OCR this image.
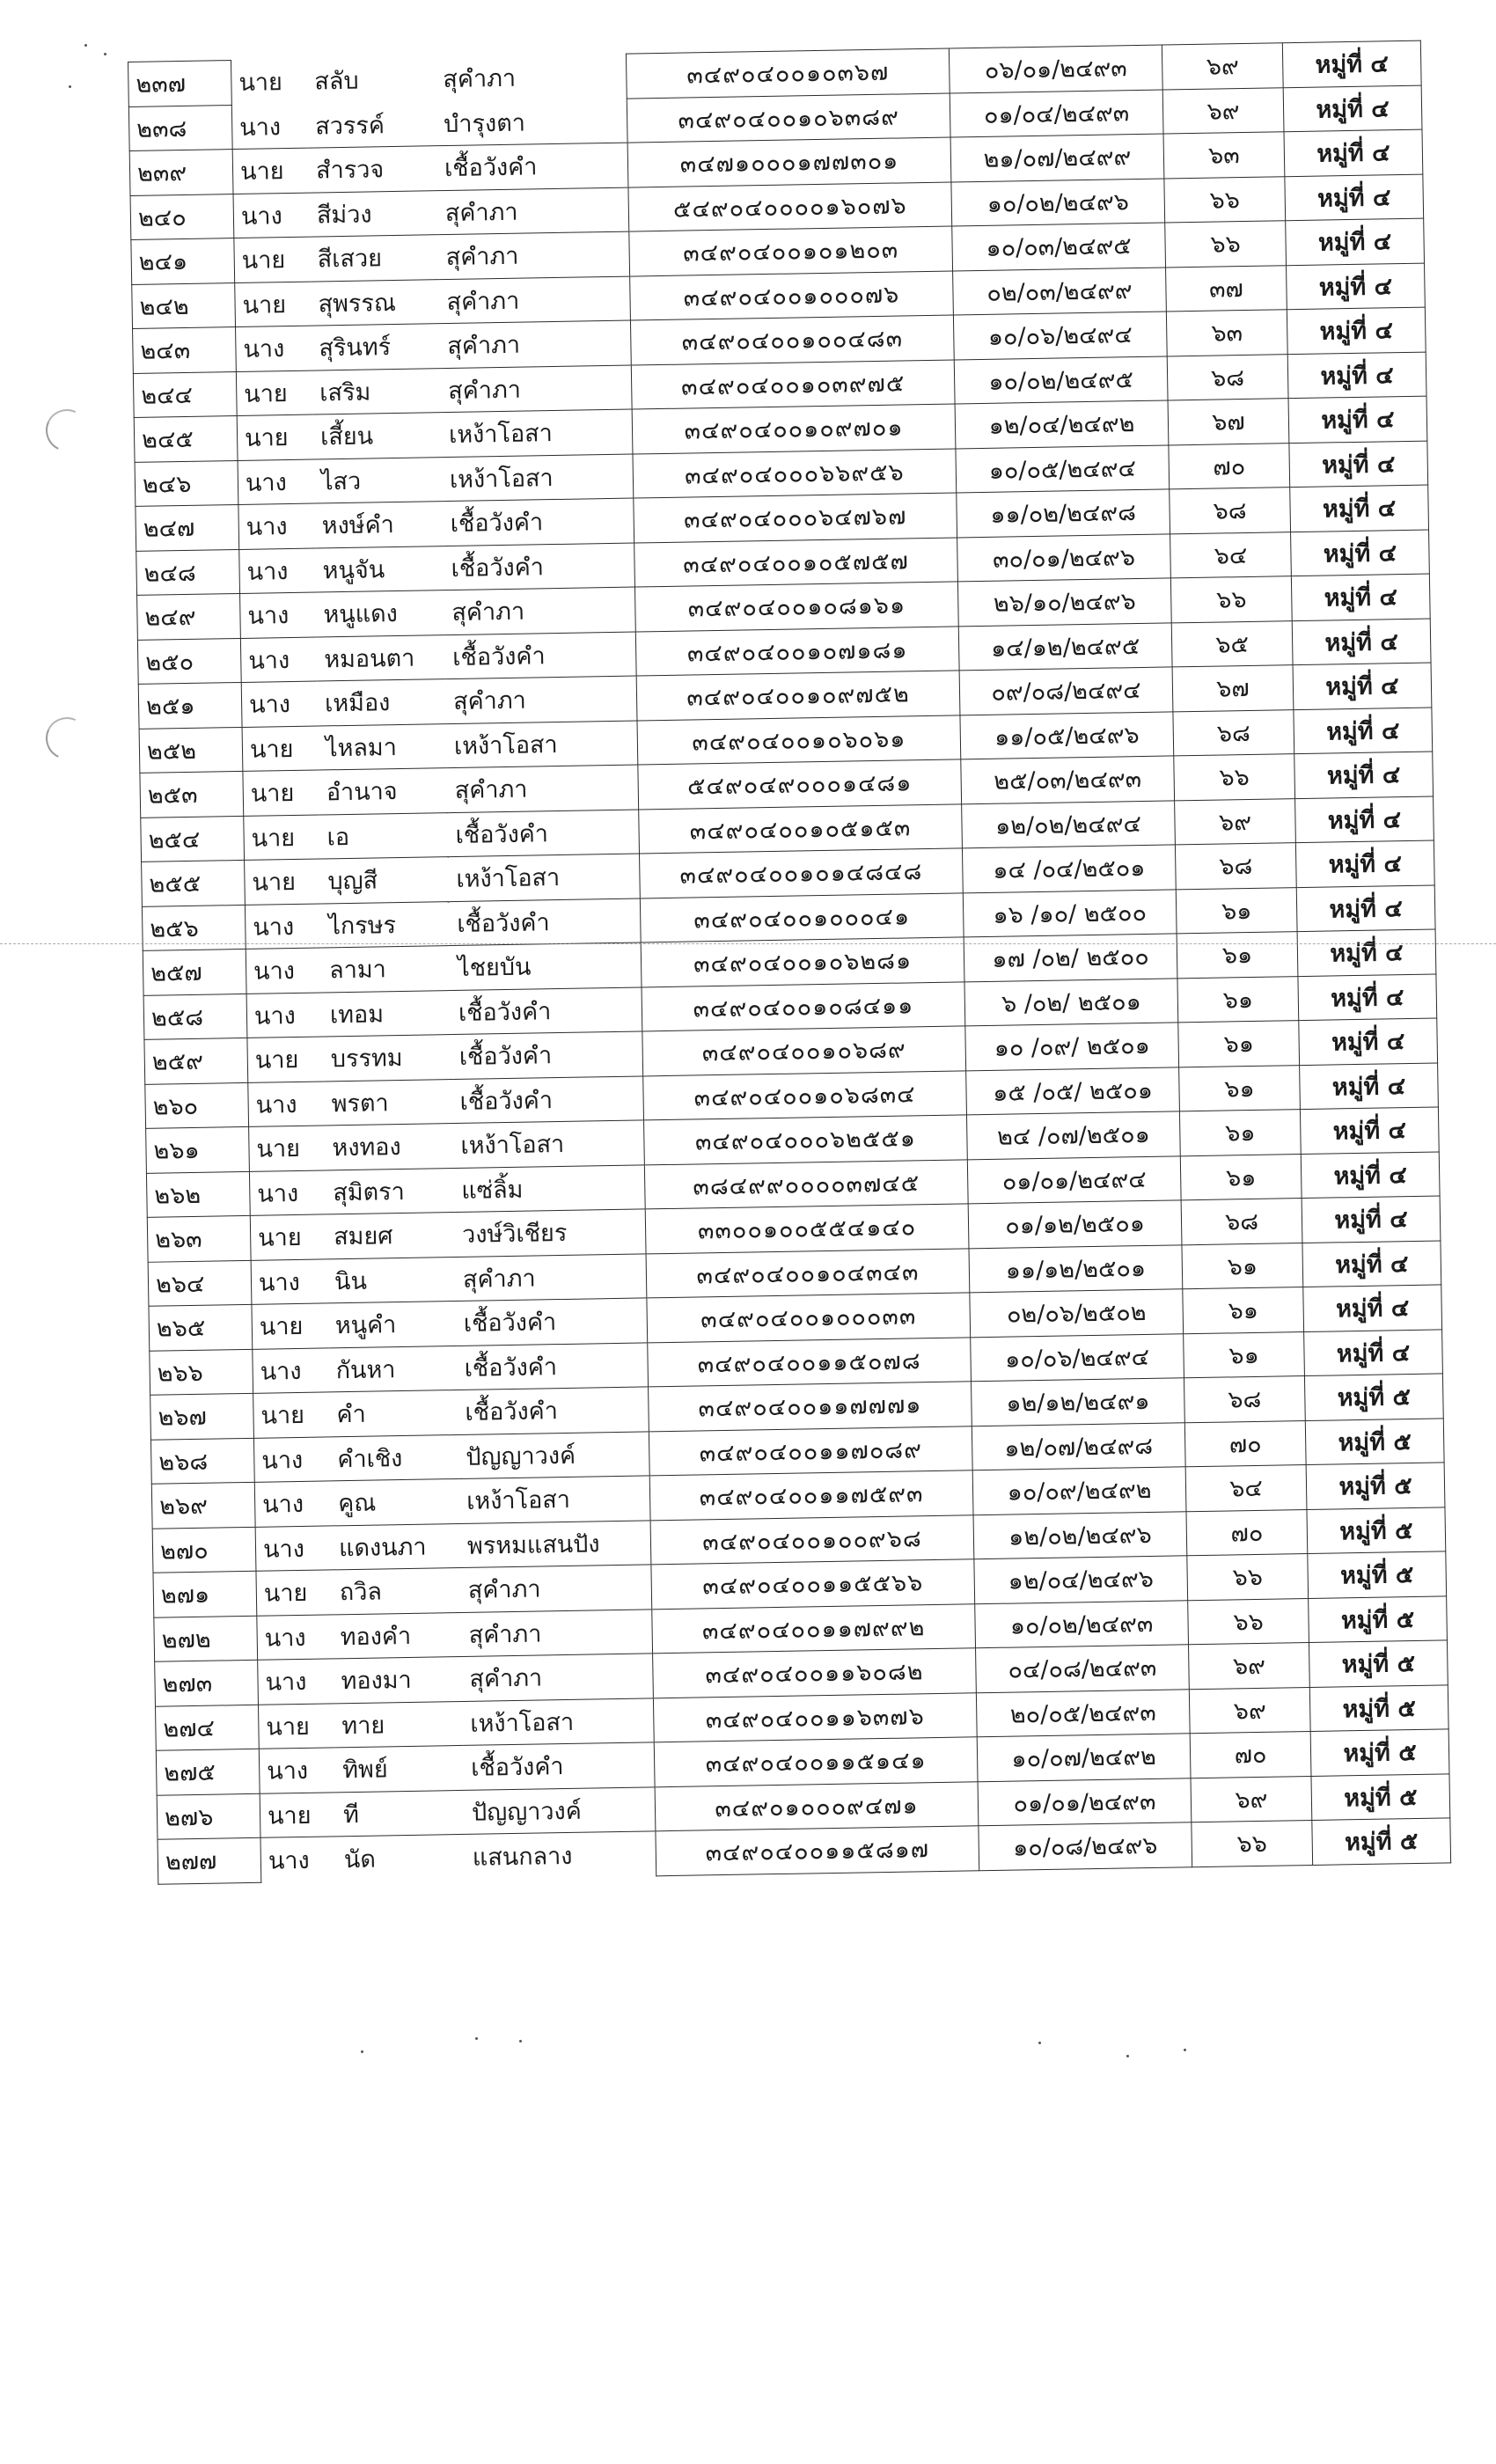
๒๓๗	นาย	สลับ	สุคำภา	๓๔๙๐๔๐๐๑๐๓๖๗	๐๖/๐๑/๒๔๙๓	๖๙	หมู่ที่ ๔
๒๓๘	นาง	สวรรค์	บำรุงตา	๓๔๙๐๔๐๐๑๐๖๓๘๙	๐๑/๐๔/๒๔๙๓	๖๙	หมู่ที่ ๔
๒๓๙	นาย	สำรวจ	เชื้อวังคำ	๓๔๗๑๐๐๐๑๗๗๓๐๑	๒๑/๐๗/๒๔๙๙	๖๓	หมู่ที่ ๔
๒๔๐	นาง	สีม่วง	สุคำภา	๕๔๙๐๔๐๐๐๐๑๖๐๗๖	๑๐/๐๒/๒๔๙๖	๖๖	หมู่ที่ ๔
๒๔๑	นาย	สีเสวย	สุคำภา	๓๔๙๐๔๐๐๑๐๑๒๐๓	๑๐/๐๓/๒๔๙๕	๖๖	หมู่ที่ ๔
๒๔๒	นาย	สุพรรณ	สุคำภา	๓๔๙๐๔๐๐๑๐๐๐๗๖	๐๒/๐๓/๒๔๙๙	๓๗	หมู่ที่ ๔
๒๔๓	นาง	สุรินทร์	สุคำภา	๓๔๙๐๔๐๐๑๐๐๔๘๓	๑๐/๐๖/๒๔๙๔	๖๓	หมู่ที่ ๔
๒๔๔	นาย	เสริม	สุคำภา	๓๔๙๐๔๐๐๑๐๓๙๗๕	๑๐/๐๒/๒๔๙๕	๖๘	หมู่ที่ ๔
๒๔๕	นาย	เสี้ยน	เหง้าโอสา	๓๔๙๐๔๐๐๑๐๙๗๐๑	๑๒/๐๔/๒๔๙๒	๖๗	หมู่ที่ ๔
๒๔๖	นาง	ไสว	เหง้าโอสา	๓๔๙๐๔๐๐๐๖๖๙๕๖	๑๐/๐๕/๒๔๙๔	๗๐	หมู่ที่ ๔
๒๔๗	นาง	หงษ์คำ	เชื้อวังคำ	๓๔๙๐๔๐๐๐๖๔๗๖๗	๑๑/๐๒/๒๔๙๘	๖๘	หมู่ที่ ๔
๒๔๘	นาง	หนูจัน	เชื้อวังคำ	๓๔๙๐๔๐๐๑๐๕๗๕๗	๓๐/๐๑/๒๔๙๖	๖๔	หมู่ที่ ๔
๒๔๙	นาง	หนูแดง	สุคำภา	๓๔๙๐๔๐๐๑๐๘๑๖๑	๒๖/๑๐/๒๔๙๖	๖๖	หมู่ที่ ๔
๒๕๐	นาง	หมอนตา	เชื้อวังคำ	๓๔๙๐๔๐๐๑๐๗๑๘๑	๑๔/๑๒/๒๔๙๕	๖๕	หมู่ที่ ๔
๒๕๑	นาง	เหมือง	สุคำภา	๓๔๙๐๔๐๐๑๐๙๗๕๒	๐๙/๐๘/๒๔๙๔	๖๗	หมู่ที่ ๔
๒๕๒	นาย	ไหลมา	เหง้าโอสา	๓๔๙๐๔๐๐๑๐๖๐๖๑	๑๑/๐๕/๒๔๙๖	๖๘	หมู่ที่ ๔
๒๕๓	นาย	อำนาจ	สุคำภา	๕๔๙๐๔๙๐๐๐๑๔๘๑	๒๕/๐๓/๒๔๙๓	๖๖	หมู่ที่ ๔
๒๕๔	นาย	เอ	เชื้อวังคำ	๓๔๙๐๔๐๐๑๐๕๑๕๓	๑๒/๐๒/๒๔๙๔	๖๙	หมู่ที่ ๔
๒๕๕	นาย	บุญสี	เหง้าโอสา	๓๔๙๐๔๐๐๑๐๑๔๘๔๘	๑๔ /๐๔/๒๕๐๑	๖๘	หมู่ที่ ๔
๒๕๖	นาง	ไกรษร	เชื้อวังคำ	๓๔๙๐๔๐๐๑๐๐๐๔๑	๑๖ /๑๐/ ๒๕๐๐	๖๑	หมู่ที่ ๔
๒๕๗	นาง	ลามา	ไชยบัน	๓๔๙๐๔๐๐๑๐๖๒๘๑	๑๗ /๐๒/ ๒๕๐๐	๖๑	หมู่ที่ ๔
๒๕๘	นาง	เทอม	เชื้อวังคำ	๓๔๙๐๔๐๐๑๐๘๔๑๑	๖ /๐๒/ ๒๕๐๑	๖๑	หมู่ที่ ๔
๒๕๙	นาย	บรรทม	เชื้อวังคำ	๓๔๙๐๔๐๐๑๐๖๘๙	๑๐ /๐๙/ ๒๕๐๑	๖๑	หมู่ที่ ๔
๒๖๐	นาง	พรตา	เชื้อวังคำ	๓๔๙๐๔๐๐๑๐๖๘๓๔	๑๕ /๐๕/ ๒๕๐๑	๖๑	หมู่ที่ ๔
๒๖๑	นาย	หงทอง	เหง้าโอสา	๓๔๙๐๔๐๐๐๖๒๕๕๑	๒๔ /๐๗/๒๕๐๑	๖๑	หมู่ที่ ๔
๒๖๒	นาง	สุมิตรา	แซ่ลิ้ม	๓๘๔๙๙๐๐๐๐๓๗๔๕	๐๑/๐๑/๒๔๙๔	๖๑	หมู่ที่ ๔
๒๖๓	นาย	สมยศ	วงษ์วิเชียร	๓๓๐๐๑๐๐๕๕๔๑๔๐	๐๑/๑๒/๒๕๐๑	๖๘	หมู่ที่ ๔
๒๖๔	นาง	นิน	สุคำภา	๓๔๙๐๔๐๐๑๐๔๓๔๓	๑๑/๑๒/๒๕๐๑	๖๑	หมู่ที่ ๔
๒๖๕	นาย	หนูคำ	เชื้อวังคำ	๓๔๙๐๔๐๐๑๐๐๐๓๓	๐๒/๐๖/๒๕๐๒	๖๑	หมู่ที่ ๔
๒๖๖	นาง	กันหา	เชื้อวังคำ	๓๔๙๐๔๐๐๑๑๕๐๗๘	๑๐/๐๖/๒๔๙๔	๖๑	หมู่ที่ ๔
๒๖๗	นาย	คำ	เชื้อวังคำ	๓๔๙๐๔๐๐๑๑๗๗๗๑	๑๒/๑๒/๒๔๙๑	๖๘	หมู่ที่ ๕
๒๖๘	นาง	คำเชิง	ปัญญาวงค์	๓๔๙๐๔๐๐๑๑๗๐๘๙	๑๒/๐๗/๒๔๙๘	๗๐	หมู่ที่ ๕
๒๖๙	นาง	คูณ	เหง้าโอสา	๓๔๙๐๔๐๐๑๑๗๕๙๓	๑๐/๐๙/๒๔๙๒	๖๔	หมู่ที่ ๕
๒๗๐	นาง	แดงนภา	พรหมแสนปัง	๓๔๙๐๔๐๐๑๐๐๙๖๘	๑๒/๐๒/๒๔๙๖	๗๐	หมู่ที่ ๕
๒๗๑	นาย	ถวิล	สุคำภา	๓๔๙๐๔๐๐๑๑๕๕๖๖	๑๒/๐๔/๒๔๙๖	๖๖	หมู่ที่ ๕
๒๗๒	นาง	ทองคำ	สุคำภา	๓๔๙๐๔๐๐๑๑๗๙๙๒	๑๐/๐๒/๒๔๙๓	๖๖	หมู่ที่ ๕
๒๗๓	นาง	ทองมา	สุคำภา	๓๔๙๐๔๐๐๑๑๖๐๘๒	๐๔/๐๘/๒๔๙๓	๖๙	หมู่ที่ ๕
๒๗๔	นาย	ทาย	เหง้าโอสา	๓๔๙๐๔๐๐๑๑๖๓๗๖	๒๐/๐๕/๒๔๙๓	๖๙	หมู่ที่ ๕
๒๗๕	นาง	ทิพย์	เชื้อวังคำ	๓๔๙๐๔๐๐๑๑๕๑๔๑	๑๐/๐๗/๒๔๙๒	๗๐	หมู่ที่ ๕
๒๗๖	นาย	ที	ปัญญาวงค์	๓๔๙๐๑๐๐๐๙๔๗๑	๐๑/๐๑/๒๔๙๓	๖๙	หมู่ที่ ๕
๒๗๗	นาง	นัด	แสนกลาง	๓๔๙๐๔๐๐๑๑๕๘๑๗	๑๐/๐๘/๒๔๙๖	๖๖	หมู่ที่ ๕
